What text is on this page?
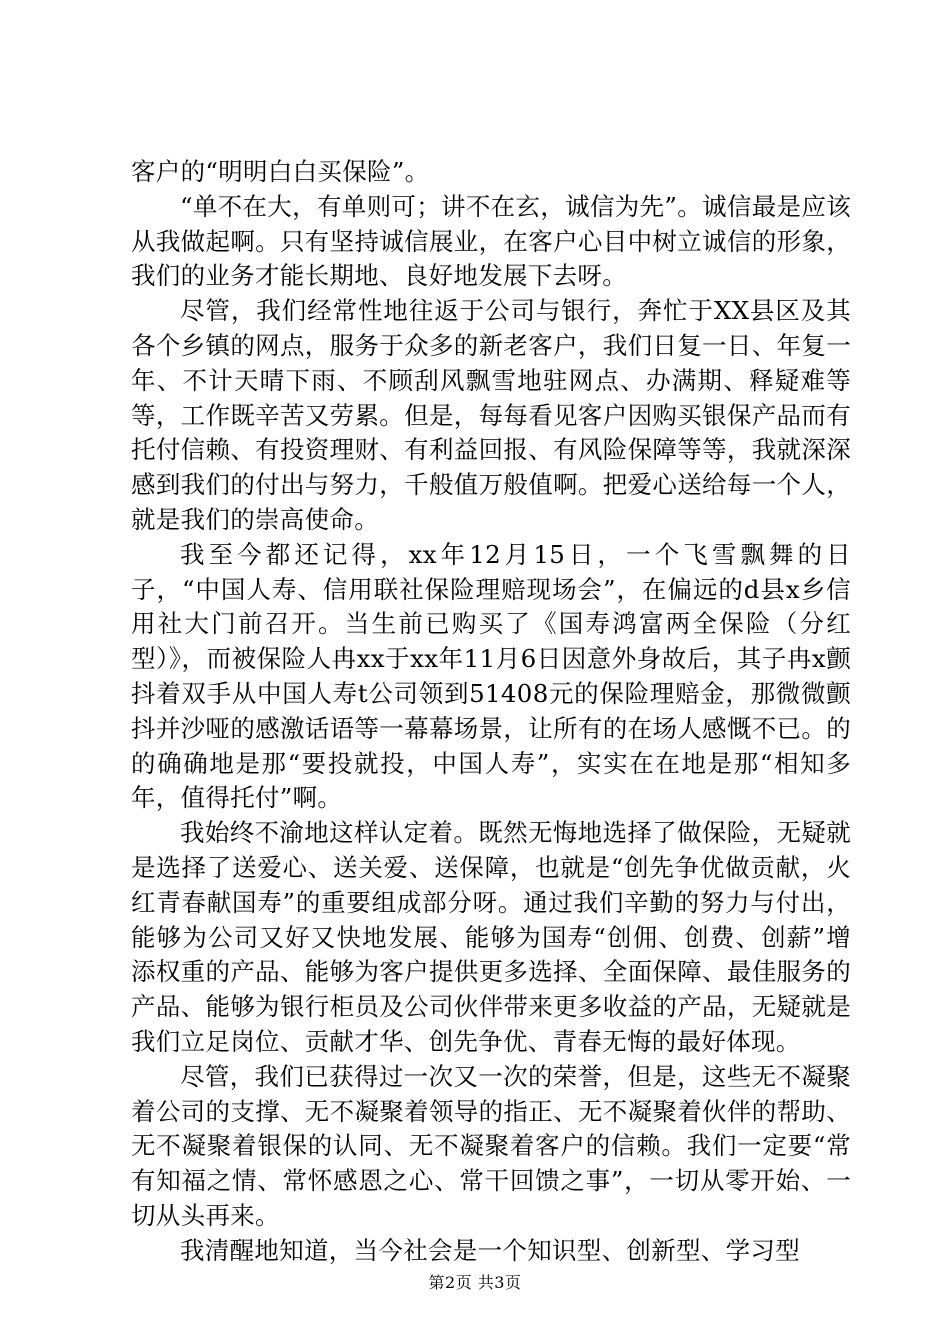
客户的“明明白白买保险”。

“单不在大，有单则可；讲不在玄，诚信为先”。诚信最是应该从我做起啊。只有坚持诚信展业，在客户心目中树立诚信的形象，我们的业务才能长期地、良好地发展下去呀。

尽管，我们经常性地往返于公司与银行，奔忙于XX县区及其各个乡镇的网点，服务于众多的新老客户，我们日复一日、年复一年、不计天晴下雨、不顾刮风飘雪地驻网点、办满期、释疑难等等，工作既辛苦又劳累。但是，每每看见客户因购买银保产品而有托付信赖、有投资理财、有利益回报、有风险保障等等，我就深深感到我们的付出与努力，千般值万般值啊。把爱心送给每一个人，就是我们的崇高使命。

我至今都还记得，xx年12月15日，一个飞雪飘舞的日子，“中国人寿、信用联社保险理赔现场会”，在偏远的d县x乡信用社大门前召开。当生前已购买了《国寿鸿富两全保险（分红型）》，而被保险人冉xx于xx年11月6日因意外身故后，其子冉x颤抖着双手从中国人寿t公司领到51408元的保险理赔金，那微微颤抖并沙哑的感激话语等一幕幕场景，让所有的在场人感慨不已。的的确确地是那“要投就投，中国人寿”，实实在在地是那“相知多年，值得托付”啊。

我始终不渝地这样认定着。既然无悔地选择了做保险，无疑就是选择了送爱心、送关爱、送保障，也就是“创先争优做贡献，火红青春献国寿”的重要组成部分呀。通过我们辛勤的努力与付出，能够为公司又好又快地发展、能够为国寿“创佣、创费、创薪”增添权重的产品、能够为客户提供更多选择、全面保障、最佳服务的产品、能够为银行柜员及公司伙伴带来更多收益的产品，无疑就是我们立足岗位、贡献才华、创先争优、青春无悔的最好体现。

尽管，我们已获得过一次又一次的荣誉，但是，这些无不凝聚着公司的支撑、无不凝聚着领导的指正、无不凝聚着伙伴的帮助、无不凝聚着银保的认同、无不凝聚着客户的信赖。我们一定要“常有知福之情、常怀感恩之心、常干回馈之事”，一切从零开始、一切从头再来。

我清醒地知道，当今社会是一个知识型、创新型、学习型

第2页 共3页
